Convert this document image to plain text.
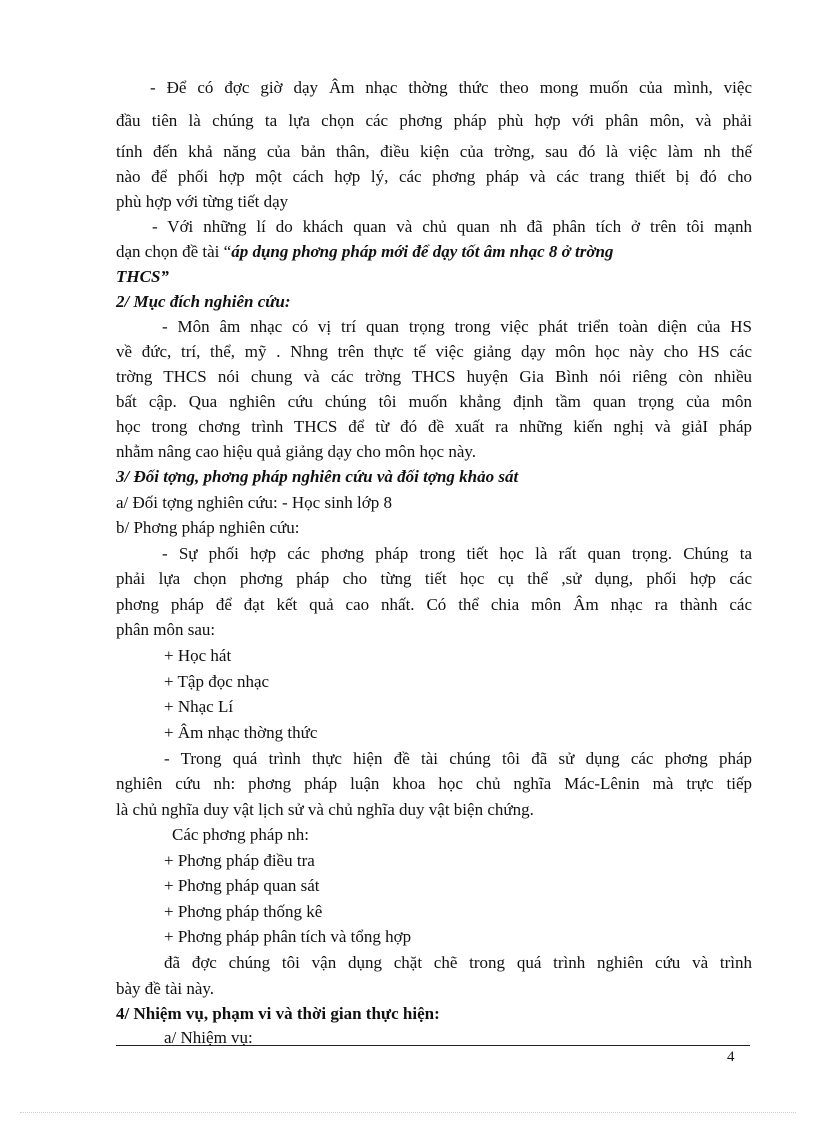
- Để có đợc giờ dạy Âm nhạc thờng thức theo mong muốn của mình, việc
đầu tiên là chúng ta lựa chọn các phơng pháp phù hợp với phân môn, và phải
tính đến khả năng của bản thân, điều kiện của trờng, sau đó là việc làm nh thế
nào để phối hợp một cách hợp lý, các phơng pháp và các trang thiết bị đó cho
phù hợp với từng tiết dạy
- Với những lí do khách quan và chủ quan nh đã phân tích ở trên tôi mạnh
dạn chọn đề tài “áp dụng phơng pháp mới để dạy tốt âm nhạc 8 ở trờng
THCS”
2/ Mục đích nghiên cứu:
- Môn âm nhạc có vị trí quan trọng trong việc phát triển toàn diện của HS
về đức, trí, thể, mỹ . Nhng trên thực tế việc giảng dạy môn học này cho HS các
trờng THCS nói chung và các trờng THCS huyện Gia Bình nói riêng còn nhiều
bất cập. Qua nghiên cứu chúng tôi muốn khẳng định tầm quan trọng của môn
học trong chơng trình THCS để từ đó đề xuất ra những kiến nghị và giảI pháp
nhằm nâng cao hiệu quả giảng dạy cho môn học này.
3/ Đối tợng, phơng pháp nghiên cứu và đối tợng khảo sát
a/ Đối tợng nghiên cứu: - Học sinh lớp 8
b/ Phơng pháp nghiên cứu:
- Sự phối hợp các phơng pháp trong tiết học là rất quan trọng. Chúng ta
phải lựa chọn phơng pháp cho từng tiết học cụ thể ,sử dụng, phối hợp các
phơng pháp để đạt kết quả cao nhất. Có thể chia môn Âm nhạc ra thành các
phân môn sau:
+ Học hát
+ Tập đọc nhạc
+ Nhạc Lí
+ Âm nhạc thờng thức
- Trong quá trình thực hiện đề tài chúng tôi đã sử dụng các phơng pháp
nghiên cứu nh: phơng pháp luận khoa học chủ nghĩa Mác-Lênin mà trực tiếp
là chủ nghĩa duy vật lịch sử và chủ nghĩa duy vật biện chứng.
Các phơng pháp nh:
+ Phơng pháp điều tra
+ Phơng pháp quan sát
+ Phơng pháp thống kê
+ Phơng pháp phân tích và tổng hợp
đã đợc chúng tôi vận dụng chặt chẽ trong quá trình nghiên cứu và trình
bày đề tài này.
4/ Nhiệm vụ, phạm vi và thời gian thực hiện:
a/ Nhiệm vụ:
4
